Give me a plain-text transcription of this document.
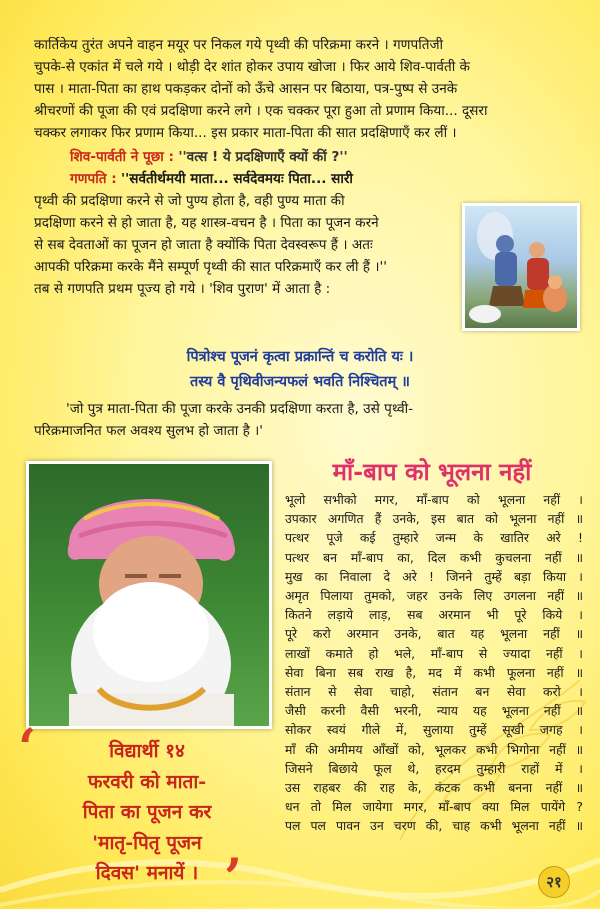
कार्तिकेय तुरंत अपने वाहन मयूर पर निकल गये पृथ्वी की परिक्रमा करने । गणपतिजी
चुपके-से एकांत में चले गये । थोड़ी देर शांत होकर उपाय खोजा । फिर आये शिव-पार्वती के
पास । माता-पिता का हाथ पकड़कर दोनों को ऊँचे आसन पर बिठाया, पत्र-पुष्प से उनके
श्रीचरणों की पूजा की एवं प्रदक्षिणा करने लगे । एक चक्कर पूरा हुआ तो प्रणाम किया... दूसरा
चक्कर लगाकर फिर प्रणाम किया... इस प्रकार माता-पिता की सात प्रदक्षिणाएँ कर लीं ।
शिव-पार्वती ने पूछा : ''वत्स ! ये प्रदक्षिणाएँ क्यों कीं ?''
गणपति : ''सर्वतीर्थमयी माता... सर्वदेवमयः पिता... सारी
पृथ्वी की प्रदक्षिणा करने से जो पुण्य होता है, वही पुण्य माता की
प्रदक्षिणा करने से हो जाता है, यह शास्त्र-वचन है । पिता का पूजन करने
से सब देवताओं का पूजन हो जाता है क्योंकि पिता देवस्वरूप हैं । अतः
आपकी परिक्रमा करके मैंने सम्पूर्ण पृथ्वी की सात परिक्रमाएँ कर ली हैं ।''
तब से गणपति प्रथम पूज्य हो गये । 'शिव पुराण' में आता है :
पित्रोश्च पूजनं कृत्वा प्रक्रान्तिं च करोति यः ।
तस्य वै पृथिवीजन्यफलं भवति निश्चितम् ॥
'जो पुत्र माता-पिता की पूजा करके उनकी प्रदक्षिणा करता है, उसे पृथ्वी-
परिक्रमाजनित फल अवश्य सुलभ हो जाता है ।'
माँ-बाप को भूलना नहीं
भूलो सभीको मगर, माँ-बाप को भूलना नहीं ।
उपकार अगणित हैं उनके, इस बात को भूलना नहीं ॥
पत्थर पूजे कई तुम्हारे जन्म के खातिर अरे !
पत्थर बन माँ-बाप का, दिल कभी कुचलना नहीं ॥
मुख का निवाला दे अरे ! जिनने तुम्हें बड़ा किया ।
अमृत पिलाया तुमको, जहर उनके लिए उगलना नहीं ॥
कितने लड़ाये लाड़, सब अरमान भी पूरे किये ।
पूरे करो अरमान उनके, बात यह भूलना नहीं ॥
लाखों कमाते हो भले, माँ-बाप से ज्यादा नहीं ।
सेवा बिना सब राख है, मद में कभी फूलना नहीं ॥
संतान से सेवा चाहो, संतान बन सेवा करो ।
जैसी करनी वैसी भरनी, न्याय यह भूलना नहीं ॥
सोकर स्वयं गीले में, सुलाया तुम्हें सूखी जगह ।
माँ की अमीमय आँखों को, भूलकर कभी भिगोना नहीं ॥
जिसने बिछाये फूल थे, हरदम तुम्हारी राहों में ।
उस राहबर की राह के, कंटक कभी बनना नहीं ॥
धन तो मिल जायेगा मगर, माँ-बाप क्या मिल पायेंगे ?
पल पल पावन उन चरण की, चाह कभी भूलना नहीं ॥
‘	विद्यार्थी १४
फरवरी को माता-
पिता का पूजन कर
'मातृ-पितृ पूजन
दिवस' मनायें । ’	२१
